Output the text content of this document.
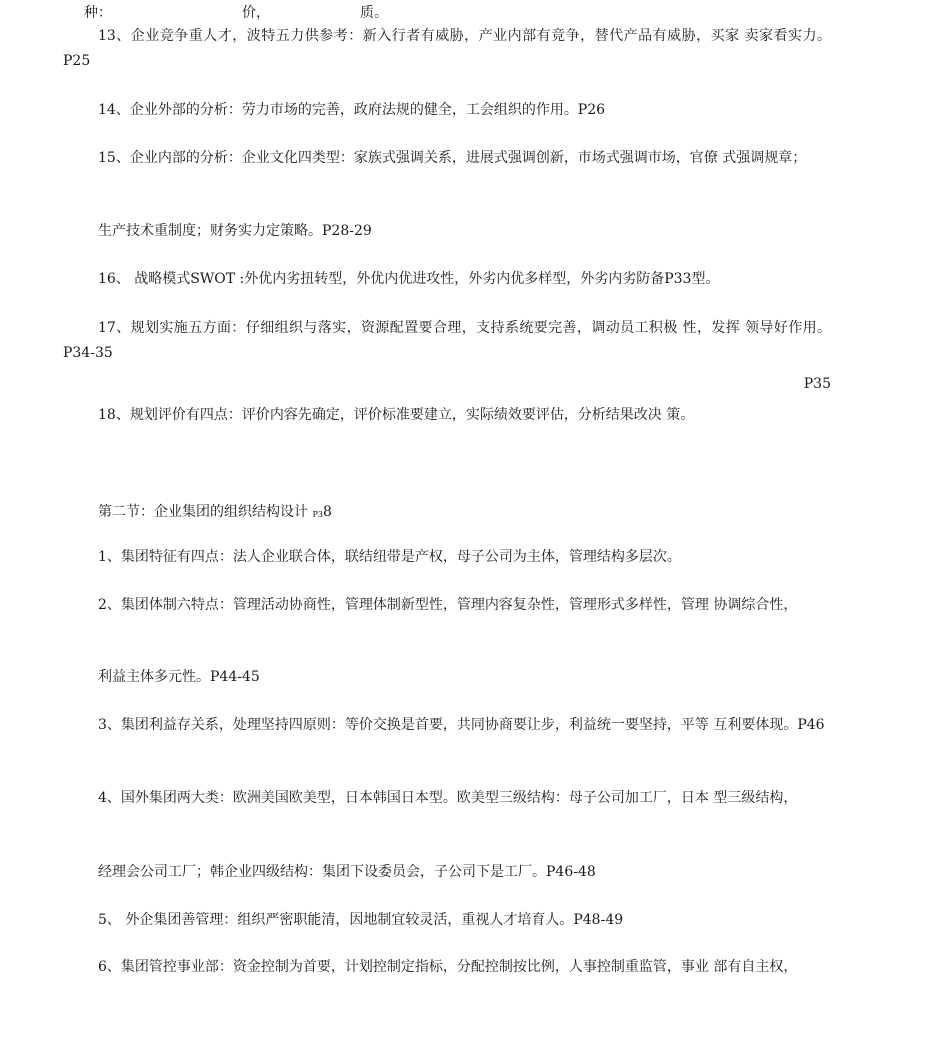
种：	价，	质。

13、企业竞争重人才，波特五力供参考：新入行者有威胁，产业内部有竞争，替代产品有威胁，买家 卖家看实力。P25

14、企业外部的分析：劳力市场的完善，政府法规的健全，工会组织的作用。P26

15、企业内部的分析：企业文化四类型：家族式强调关系，进展式强调创新，市场式强调市场，官僚 式强调规章；

生产技术重制度；财务实力定策略。P28-29

16、 战略模式SWOT :外优内劣扭转型，外优内优进攻性，外劣内优多样型，外劣内劣防备P33型。

17、规划实施五方面：仔细组织与落实，资源配置要合理，支持系统要完善，调动员工积极 性，发挥 领导好作用。P34-35

P35

18、规划评价有四点：评价内容先确定，评价标准要建立，实际绩效要评估，分析结果改决 策。

第二节：企业集团的组织结构设计 P38

1、集团特征有四点：法人企业联合体，联结纽带是产权，母子公司为主体，管理结构多层次。

2、集团体制六特点：管理活动协商性，管理体制新型性，管理内容复杂性，管理形式多样性，管理 协调综合性，

利益主体多元性。P44-45

3、集团利益存关系，处理坚持四原则：等价交换是首要，共同协商要让步，利益统一要坚持，平等 互利要体现。P46

4、国外集团两大类：欧洲美国欧美型，日本韩国日本型。欧美型三级结构：母子公司加工厂，日本 型三级结构，

经理会公司工厂；韩企业四级结构：集团下设委员会，子公司下是工厂。P46-48

5、 外企集团善管理：组织严密职能清，因地制宜较灵活，重视人才培育人。P48-49

6、集团管控事业部：资金控制为首要，计划控制定指标，分配控制按比例，人事控制重监管，事业 部有自主权，
